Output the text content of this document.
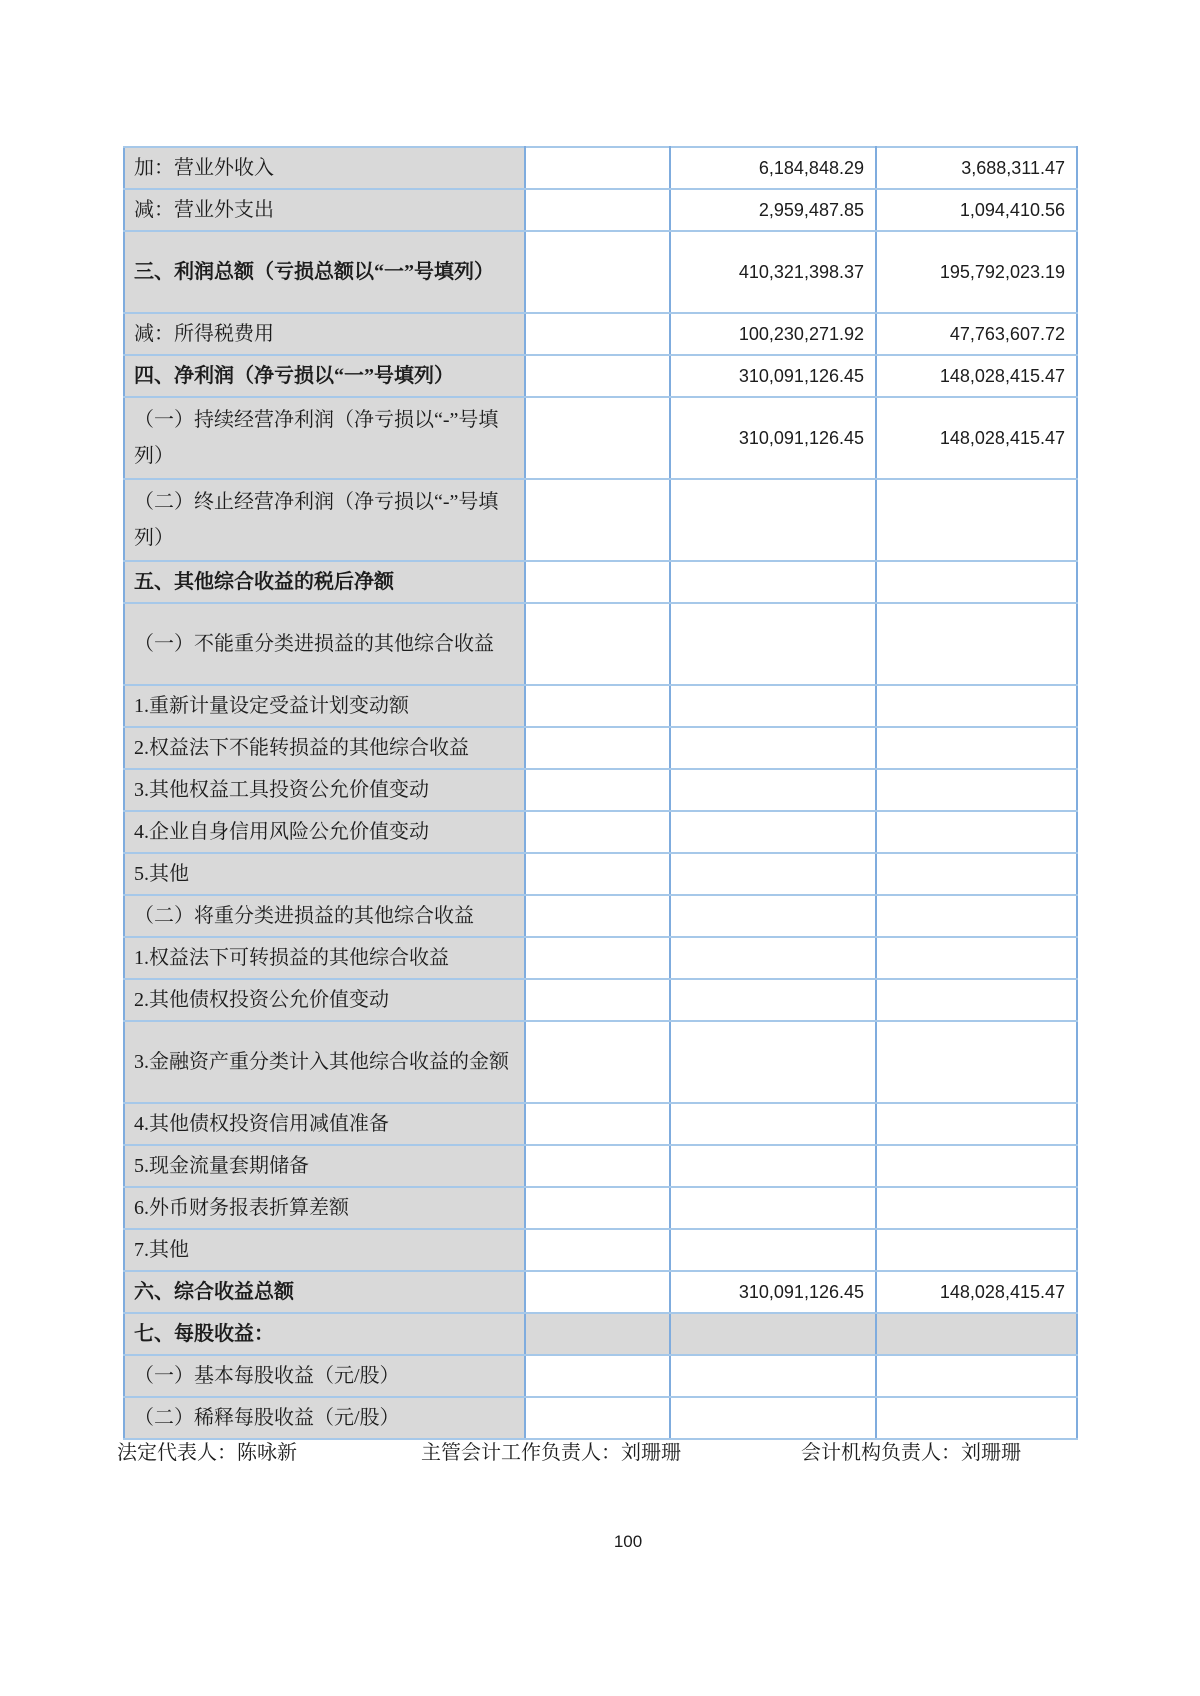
加：营业外收入		6,184,848.29	3,688,311.47
减：营业外支出		2,959,487.85	1,094,410.56
三、利润总额（亏损总额以“一”号填列）		410,321,398.37	195,792,023.19
减：所得税费用		100,230,271.92	47,763,607.72
四、净利润（净亏损以“一”号填列）		310,091,126.45	148,028,415.47
（一）持续经营净利润（净亏损以“-”号填列）		310,091,126.45	148,028,415.47
（二）终止经营净利润（净亏损以“-”号填列）			
五、其他综合收益的税后净额			
（一）不能重分类进损益的其他综合收益			
1.重新计量设定受益计划变动额			
2.权益法下不能转损益的其他综合收益			
3.其他权益工具投资公允价值变动			
4.企业自身信用风险公允价值变动			
5.其他			
（二）将重分类进损益的其他综合收益			
1.权益法下可转损益的其他综合收益			
2.其他债权投资公允价值变动			
3.金融资产重分类计入其他综合收益的金额			
4.其他债权投资信用减值准备			
5.现金流量套期储备			
6.外币财务报表折算差额			
7.其他			
六、综合收益总额		310,091,126.45	148,028,415.47
七、每股收益：			
（一）基本每股收益（元/股）			
（二）稀释每股收益（元/股）			
法定代表人：陈咏新	主管会计工作负责人：刘珊珊	会计机构负责人：刘珊珊
100
